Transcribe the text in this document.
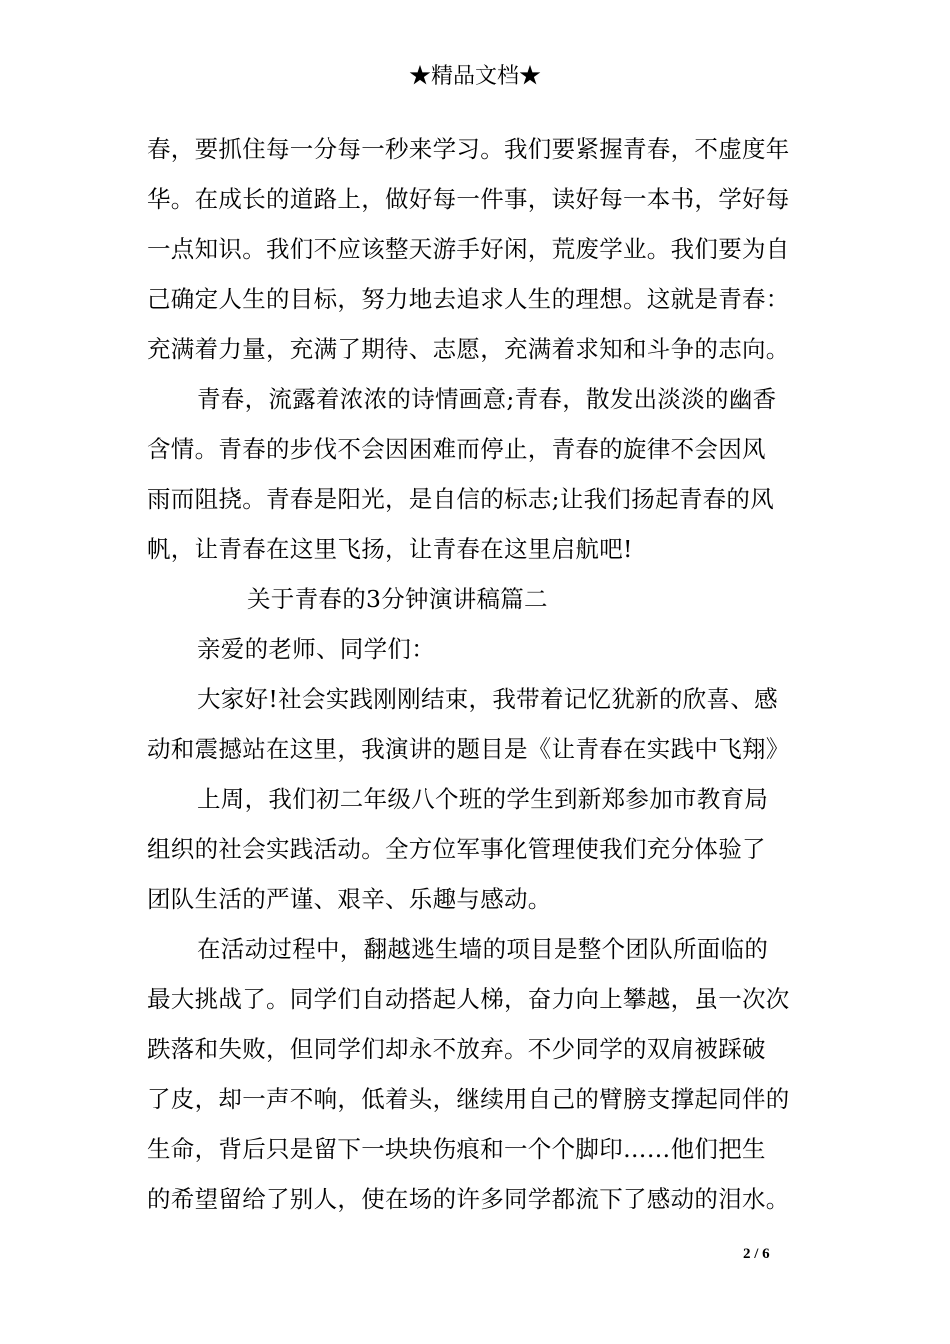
★精品文档★
春，要抓住每一分每一秒来学习。我们要紧握青春，不虚度年
华。在成长的道路上，做好每一件事，读好每一本书，学好每
一点知识。我们不应该整天游手好闲，荒废学业。我们要为自
己确定人生的目标，努力地去追求人生的理想。这就是青春：
充满着力量，充满了期待、志愿，充满着求知和斗争的志向。
青春，流露着浓浓的诗情画意;青春，散发出淡淡的幽香
含情。青春的步伐不会因困难而停止，青春的旋律不会因风
雨而阻挠。青春是阳光，是自信的标志;让我们扬起青春的风
帆，让青春在这里飞扬，让青春在这里启航吧!
关于青春的3分钟演讲稿篇二
亲爱的老师、同学们：
大家好!社会实践刚刚结束，我带着记忆犹新的欣喜、感
动和震撼站在这里，我演讲的题目是《让青春在实践中飞翔》
上周，我们初二年级八个班的学生到新郑参加市教育局
组织的社会实践活动。全方位军事化管理使我们充分体验了
团队生活的严谨、艰辛、乐趣与感动。
在活动过程中，翻越逃生墙的项目是整个团队所面临的
最大挑战了。同学们自动搭起人梯，奋力向上攀越，虽一次次
跌落和失败，但同学们却永不放弃。不少同学的双肩被踩破
了皮，却一声不响，低着头，继续用自己的臂膀支撑起同伴的
生命，背后只是留下一块块伤痕和一个个脚印……他们把生
的希望留给了别人，使在场的许多同学都流下了感动的泪水。
2 / 6
